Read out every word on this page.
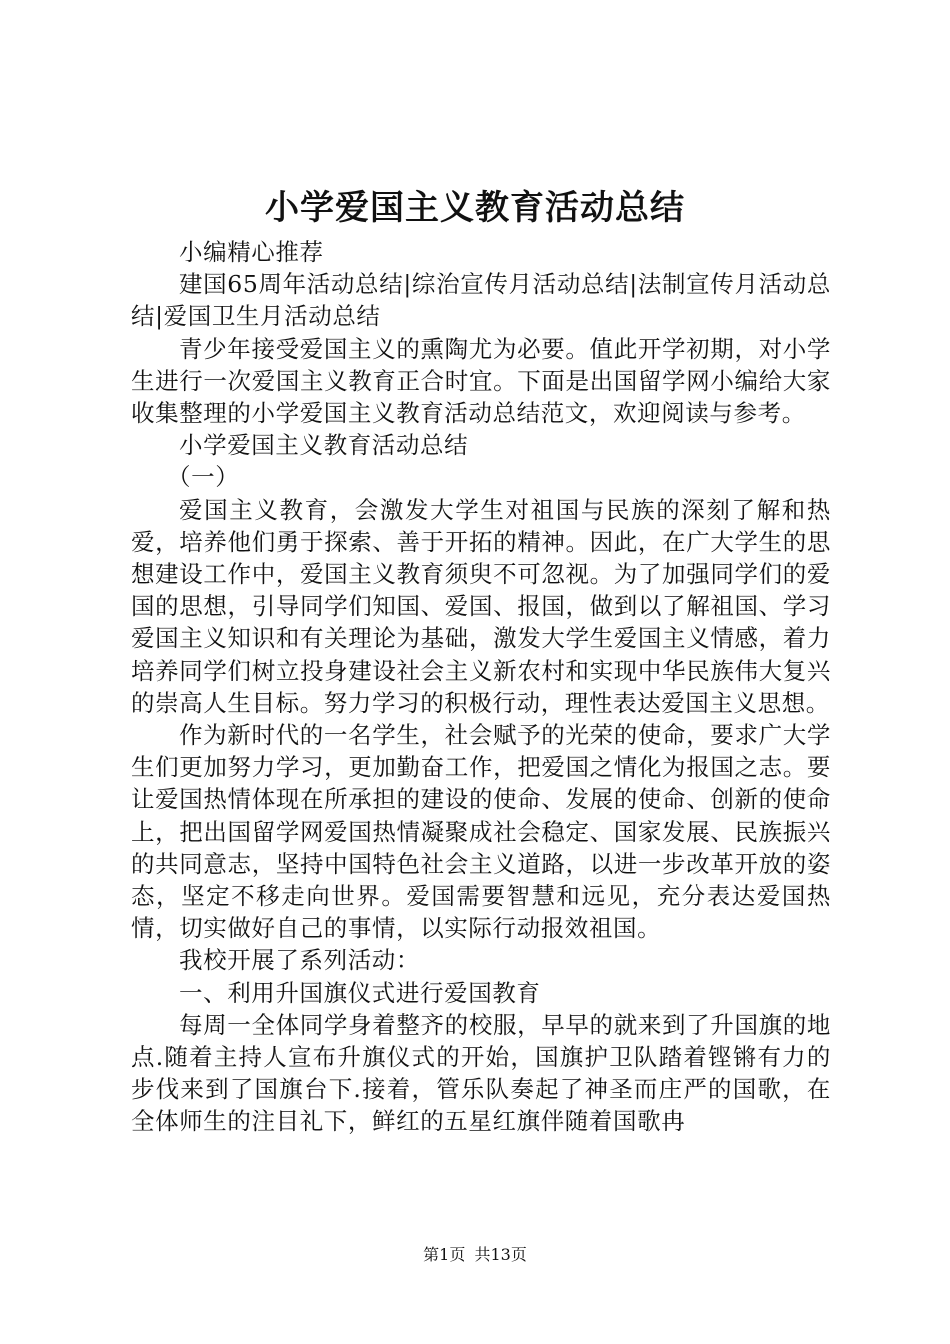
小学爱国主义教育活动总结

小编精心推荐

建国65周年活动总结|综治宣传月活动总结|法制宣传月活动总结|爱国卫生月活动总结

青少年接受爱国主义的熏陶尤为必要。值此开学初期，对小学生进行一次爱国主义教育正合时宜。下面是出国留学网小编给大家收集整理的小学爱国主义教育活动总结范文，欢迎阅读与参考。

小学爱国主义教育活动总结

（一）

爱国主义教育，会激发大学生对祖国与民族的深刻了解和热爱，培养他们勇于探索、善于开拓的精神。因此，在广大学生的思想建设工作中，爱国主义教育须臾不可忽视。为了加强同学们的爱国的思想，引导同学们知国、爱国、报国，做到以了解祖国、学习爱国主义知识和有关理论为基础，激发大学生爱国主义情感，着力培养同学们树立投身建设社会主义新农村和实现中华民族伟大复兴的崇高人生目标。努力学习的积极行动，理性表达爱国主义思想。

作为新时代的一名学生，社会赋予的光荣的使命，要求广大学生们更加努力学习，更加勤奋工作，把爱国之情化为报国之志。要让爱国热情体现在所承担的建设的使命、发展的使命、创新的使命上，把出国留学网爱国热情凝聚成社会稳定、国家发展、民族振兴的共同意志，坚持中国特色社会主义道路，以进一步改革开放的姿态，坚定不移走向世界。爱国需要智慧和远见，充分表达爱国热情，切实做好自己的事情，以实际行动报效祖国。

我校开展了系列活动：

一、利用升国旗仪式进行爱国教育

每周一全体同学身着整齐的校服，早早的就来到了升国旗的地点.随着主持人宣布升旗仪式的开始，国旗护卫队踏着铿锵有力的步伐来到了国旗台下.接着，管乐队奏起了神圣而庄严的国歌，在全体师生的注目礼下，鲜红的五星红旗伴随着国歌冉

第1页 共13页
